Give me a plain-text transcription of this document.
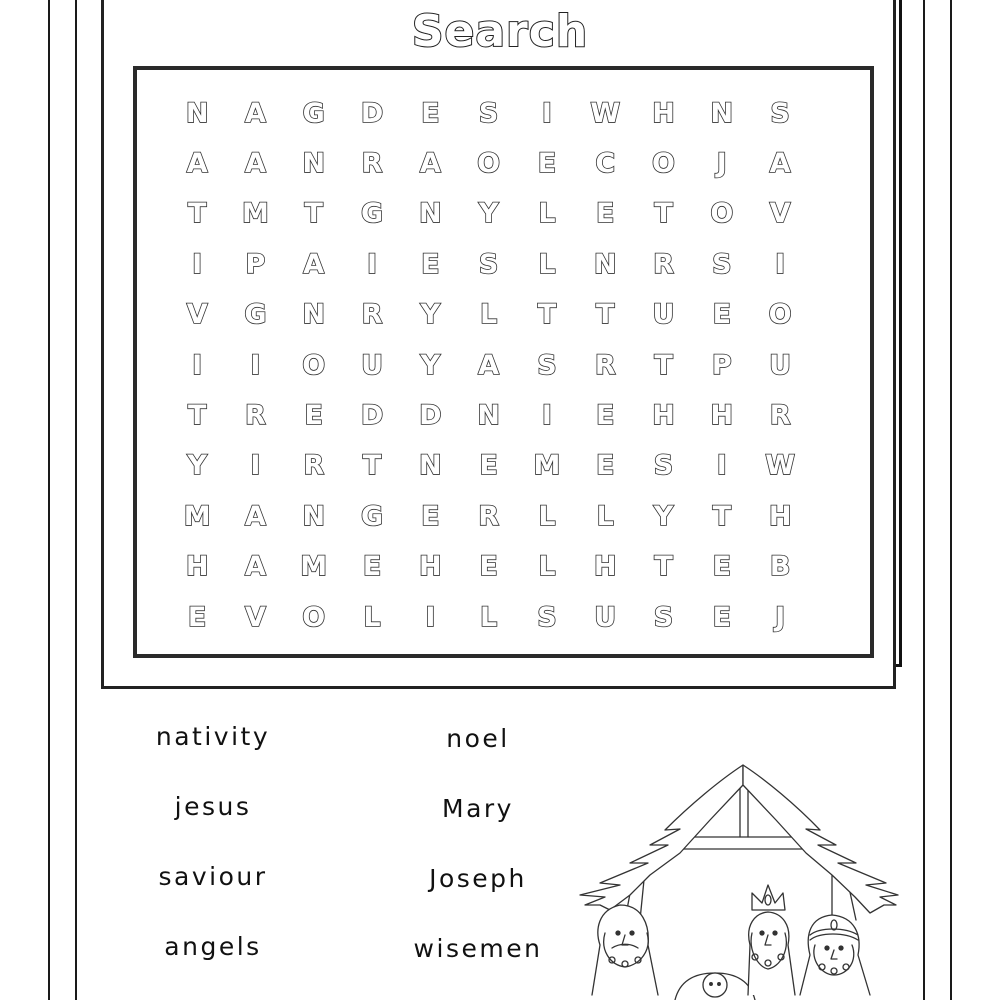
Search
N	A	G	D	E	S	I	W	H	N	S
A	A	N	R	A	O	E	C	O	J	A
T	M	T	G	N	Y	L	E	T	O	V
I	P	A	I	E	S	L	N	R	S	I
V	G	N	R	Y	L	T	T	U	E	O
I	I	O	U	Y	A	S	R	T	P	U
T	R	E	D	D	N	I	E	H	H	R
Y	I	R	T	N	E	M	E	S	I	W
M	A	N	G	E	R	L	L	Y	T	H
H	A	M	E	H	E	L	H	T	E	B
E	V	O	L	I	L	S	U	S	E	J
nativity
jesus
saviour
angels
noel
Mary
Joseph
wisemen
